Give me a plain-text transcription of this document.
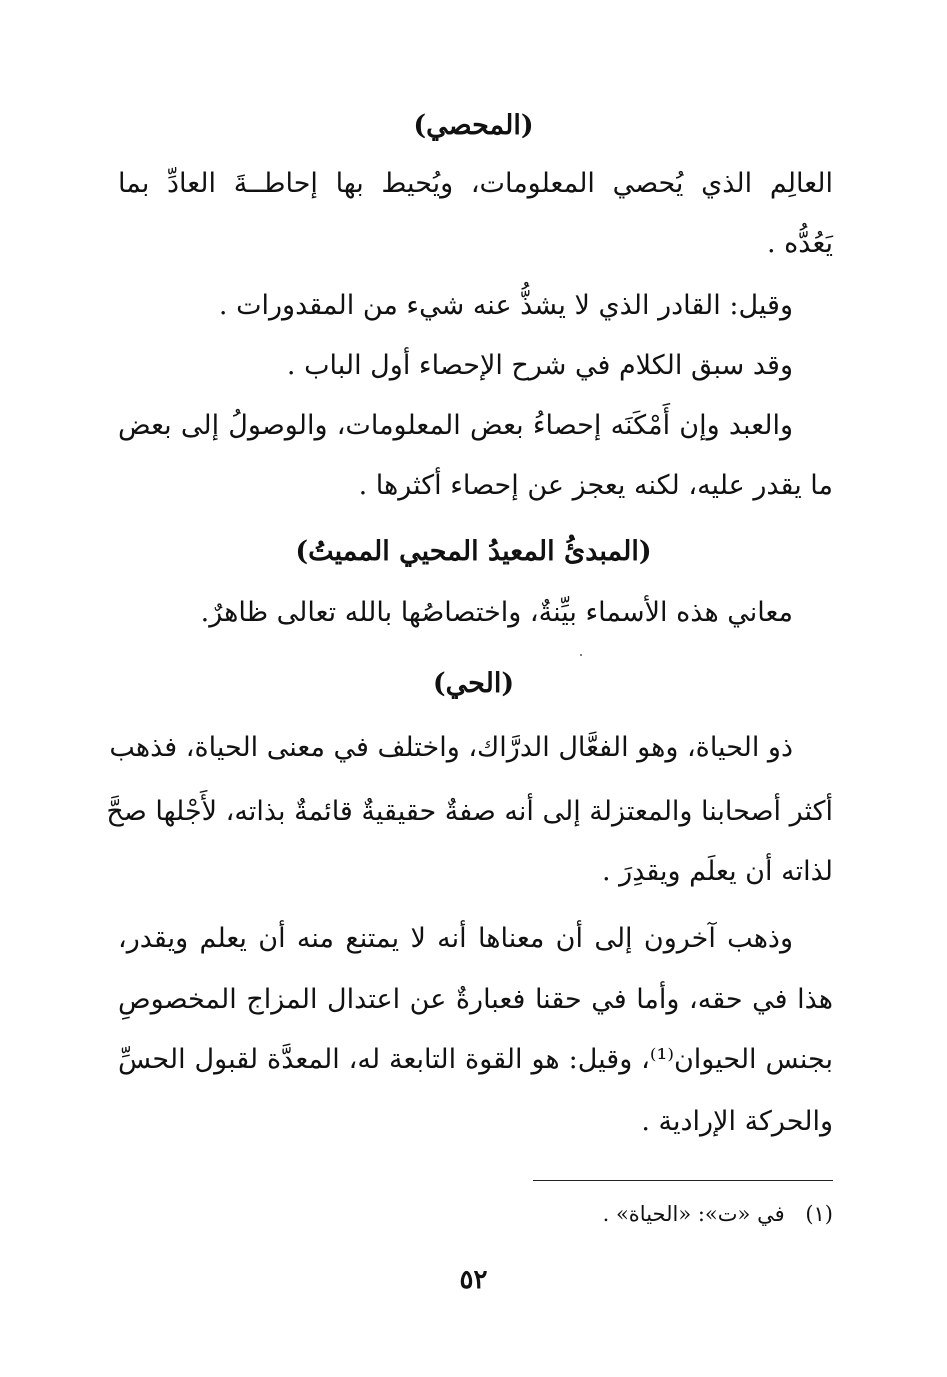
(المحصي)
العالِم الذي يُحصي المعلومات، ويُحيط بها إحاطــةَ العادِّ بما
يَعُدُّه .
وقيل: القادر الذي لا يشذُّ عنه شيء من المقدورات .
وقد سبق الكلام في شرح الإحصاء أول الباب .
والعبد وإن أَمْكَنَه إحصاءُ بعض المعلومات، والوصولُ إلى بعض
ما يقدر عليه، لكنه يعجز عن إحصاء أكثرها .
(المبدئُ المعيدُ المحيي المميتُ)
معاني هذه الأسماء بيِّنةٌ، واختصاصُها بالله تعالى ظاهرٌ.
(الحي)
ذو الحياة، وهو الفعَّال الدرَّاك، واختلف في معنى الحياة، فذهب
أكثر أصحابنا والمعتزلة إلى أنه صفةٌ حقيقيةٌ قائمةٌ بذاته، لأَجْلها صحَّ
لذاته أن يعلَم ويقدِرَ .
وذهب آخرون إلى أن معناها أنه لا يمتنع منه أن يعلم ويقدر،
هذا في حقه، وأما في حقنا فعبارةٌ عن اعتدال المزاج المخصوصِ
بجنس الحيوان⁽¹⁾، وقيل: هو القوة التابعة له، المعدَّة لقبول الحسِّ
والحركة الإرادية .
(١) في «ت»: «الحياة» .
٥٢
